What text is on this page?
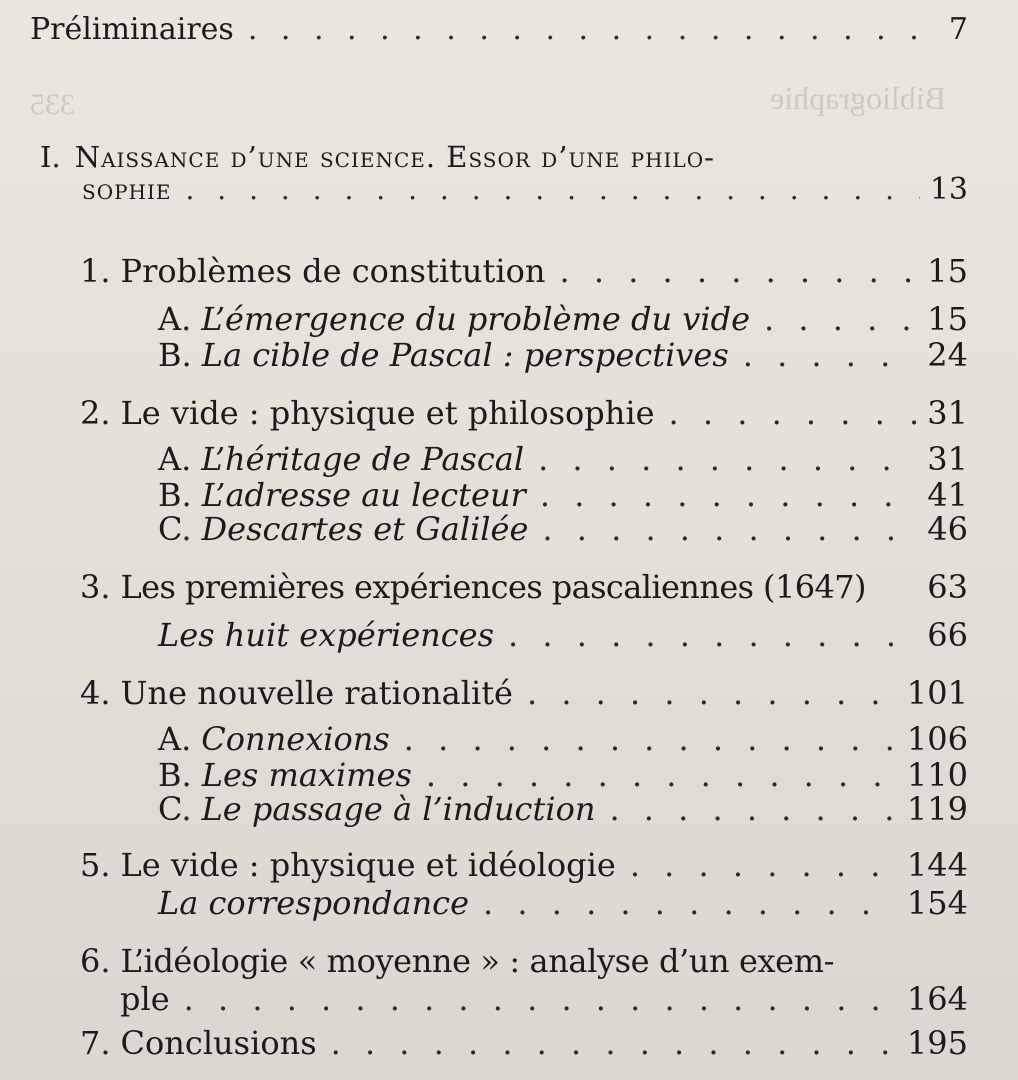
Bibliographie
335
Préliminaires . . .	7
I. Naissance d’une science. Essor d’une philo-
sophie . . .	13
1. Problèmes de constitution . . .	15
A. L’émergence du problème du vide . . .	15
B. La cible de Pascal : perspectives . . .	24
2. Le vide : physique et philosophie . . .	31
A. L’héritage de Pascal . . .	31
B. L’adresse au lecteur . . .	41
C. Descartes et Galilée . . .	46
3. Les premières expériences pascaliennes (1647) 63
Les huit expériences . . .	66
4. Une nouvelle rationalité . . .	101
A. Connexions . . .	106
B. Les maximes . . .	110
C. Le passage à l’induction . . .	119
5. Le vide : physique et idéologie . . .	144
La correspondance . . .	154
6. L’idéologie « moyenne » : analyse d’un exem-
ple . . .	164
7. Conclusions . . .	195
